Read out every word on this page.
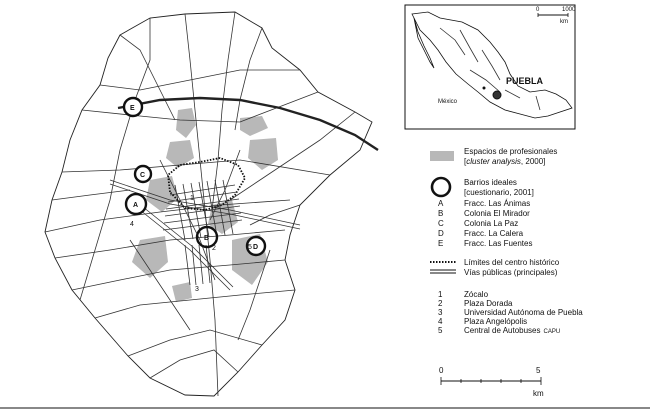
A
B
C
D
E
1
2
3
4
5
PUEBLA
México
0	1000
km
Espacios de profesionales
[cluster analysis, 2000]
Barrios ideales
[cuestionario, 2001]
A	Fracc. Las Ánimas
B	Colonia El Mirador
C	Colonia La Paz
D	Fracc. La Calera
E	Fracc. Las Fuentes
Límites del centro histórico
Vías públicas (principales)
1	Zócalo
2	Plaza Dorada
3	Universidad Autónoma de Puebla
4	Plaza Angelópolis
5	Central de Autobuses CAPU
0	5
km
